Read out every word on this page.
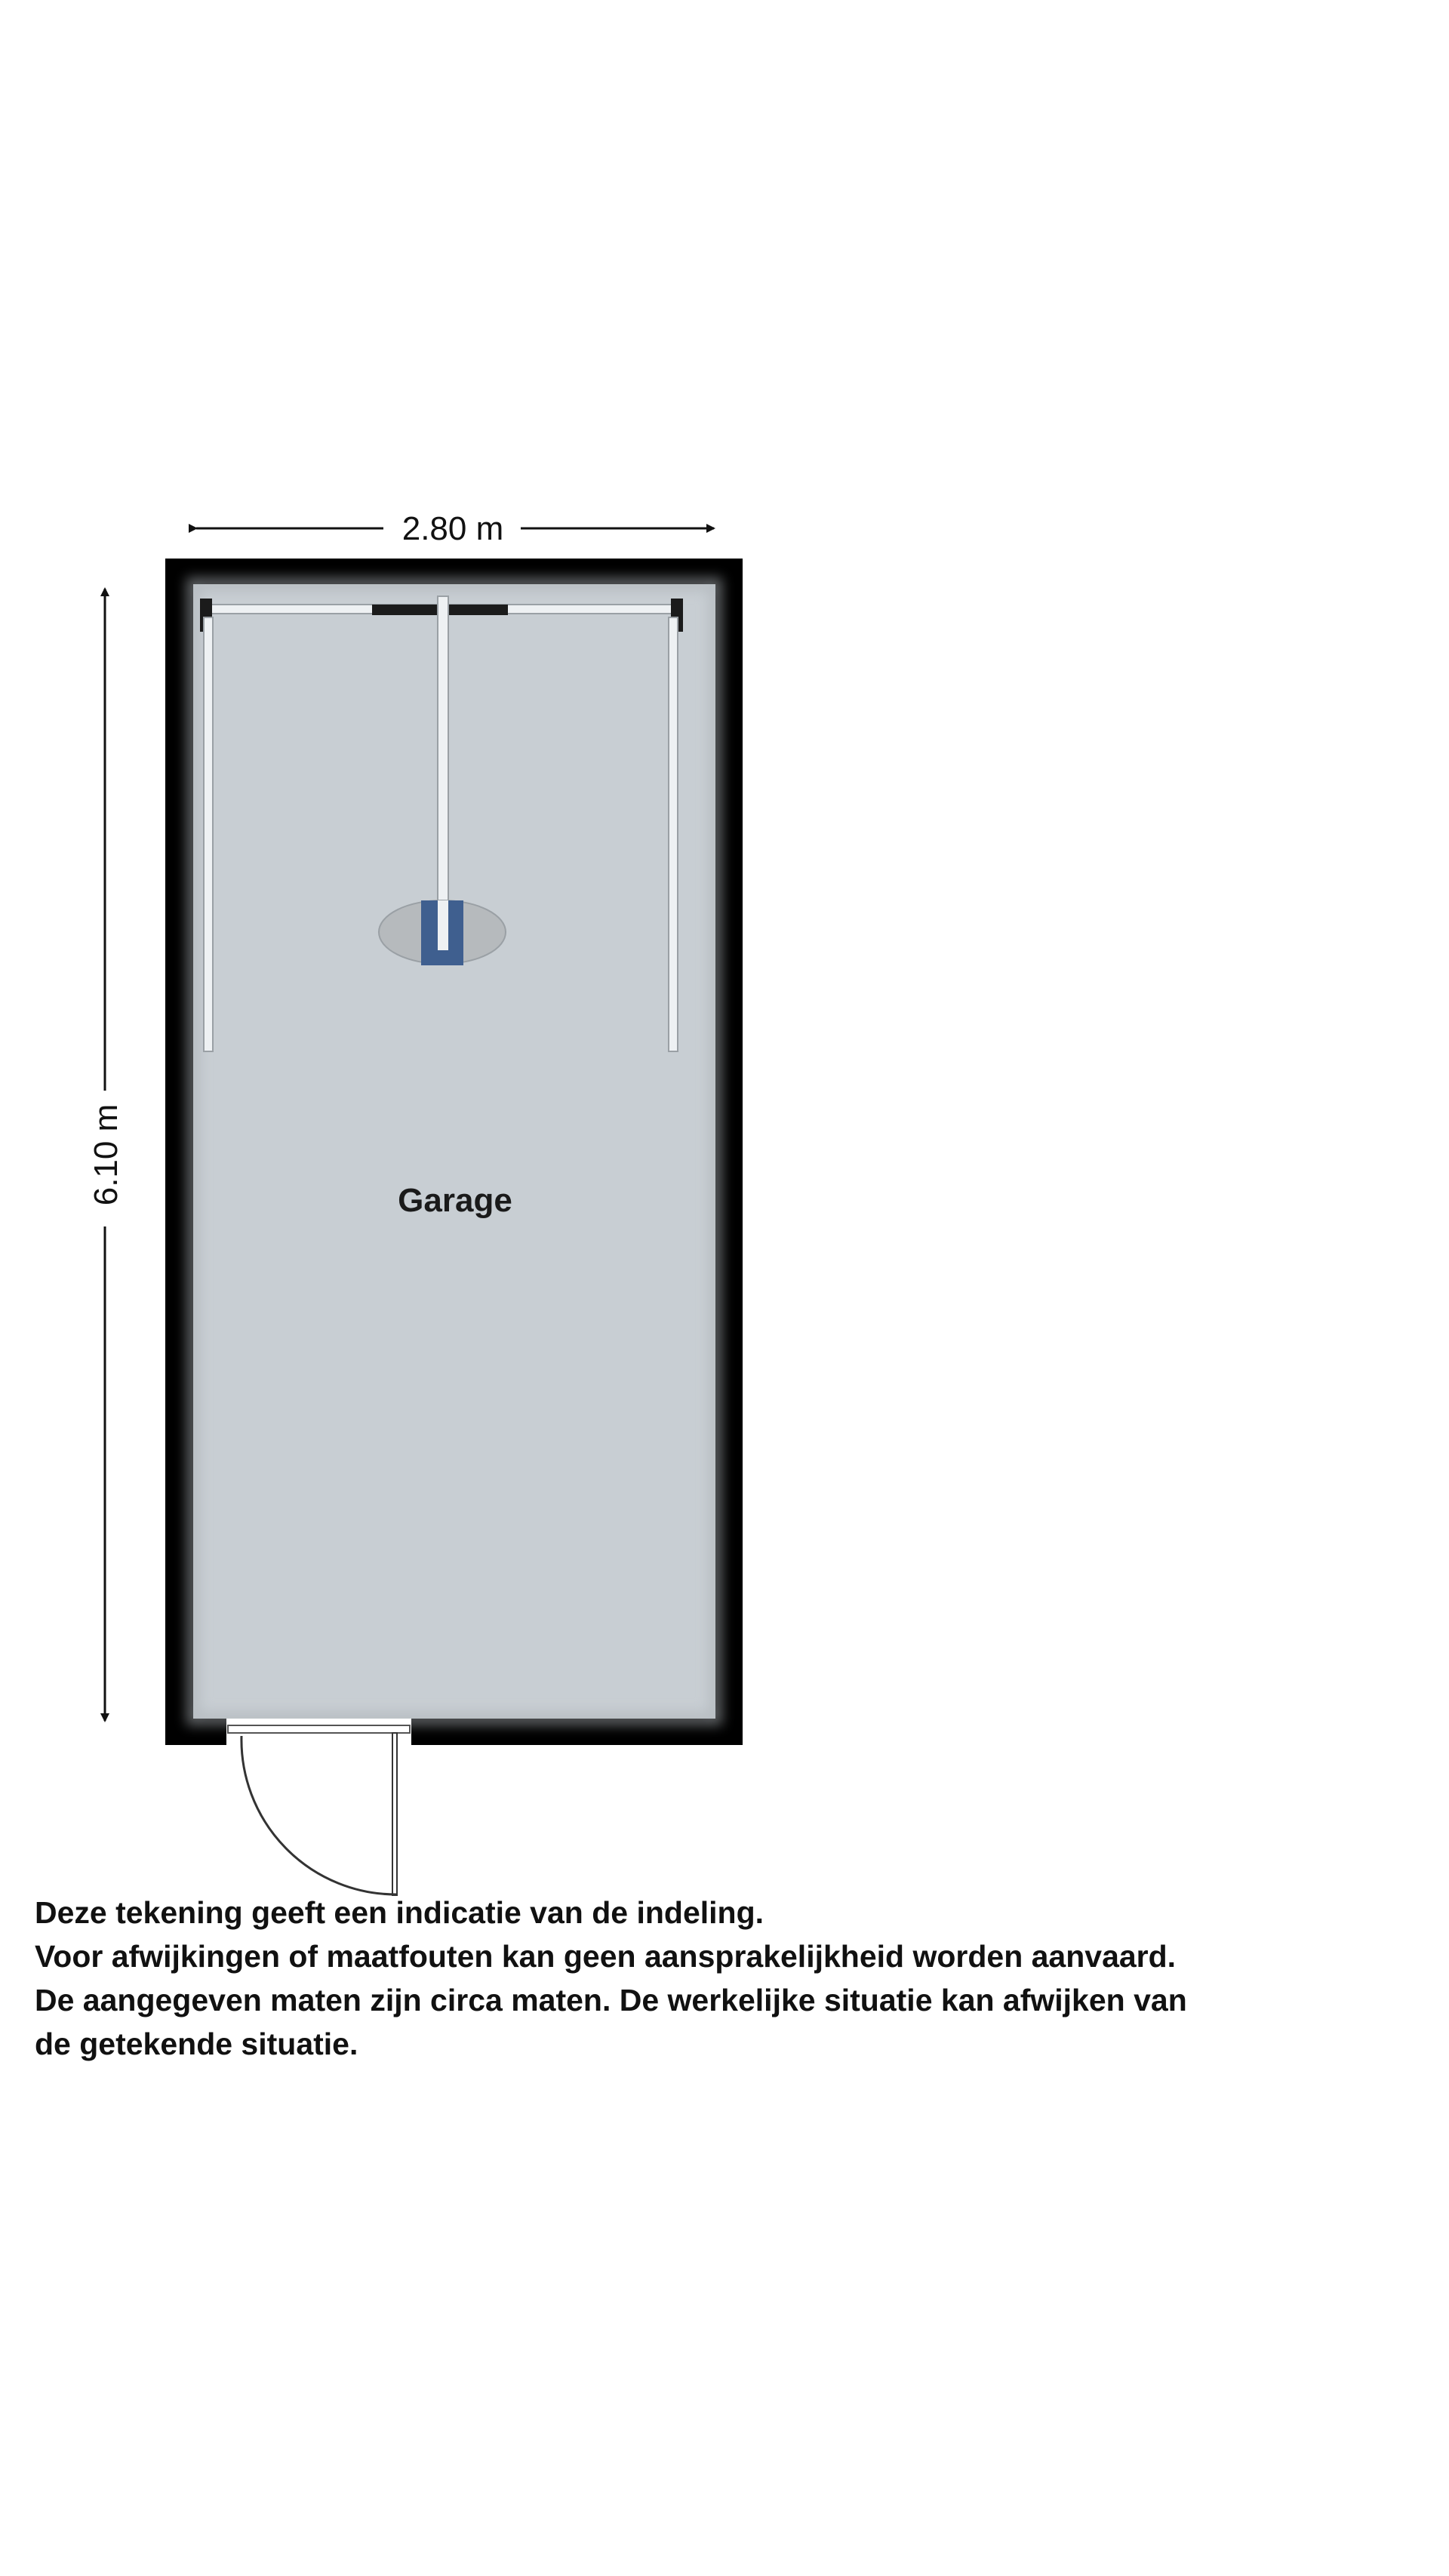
2.80 m
6.10 m	Garage
Deze tekening geeft een indicatie van de indeling.
Voor afwijkingen of maatfouten kan geen aansprakelijkheid worden aanvaard.
De aangegeven maten zijn circa maten. De werkelijke situatie kan afwijken van
de getekende situatie.
